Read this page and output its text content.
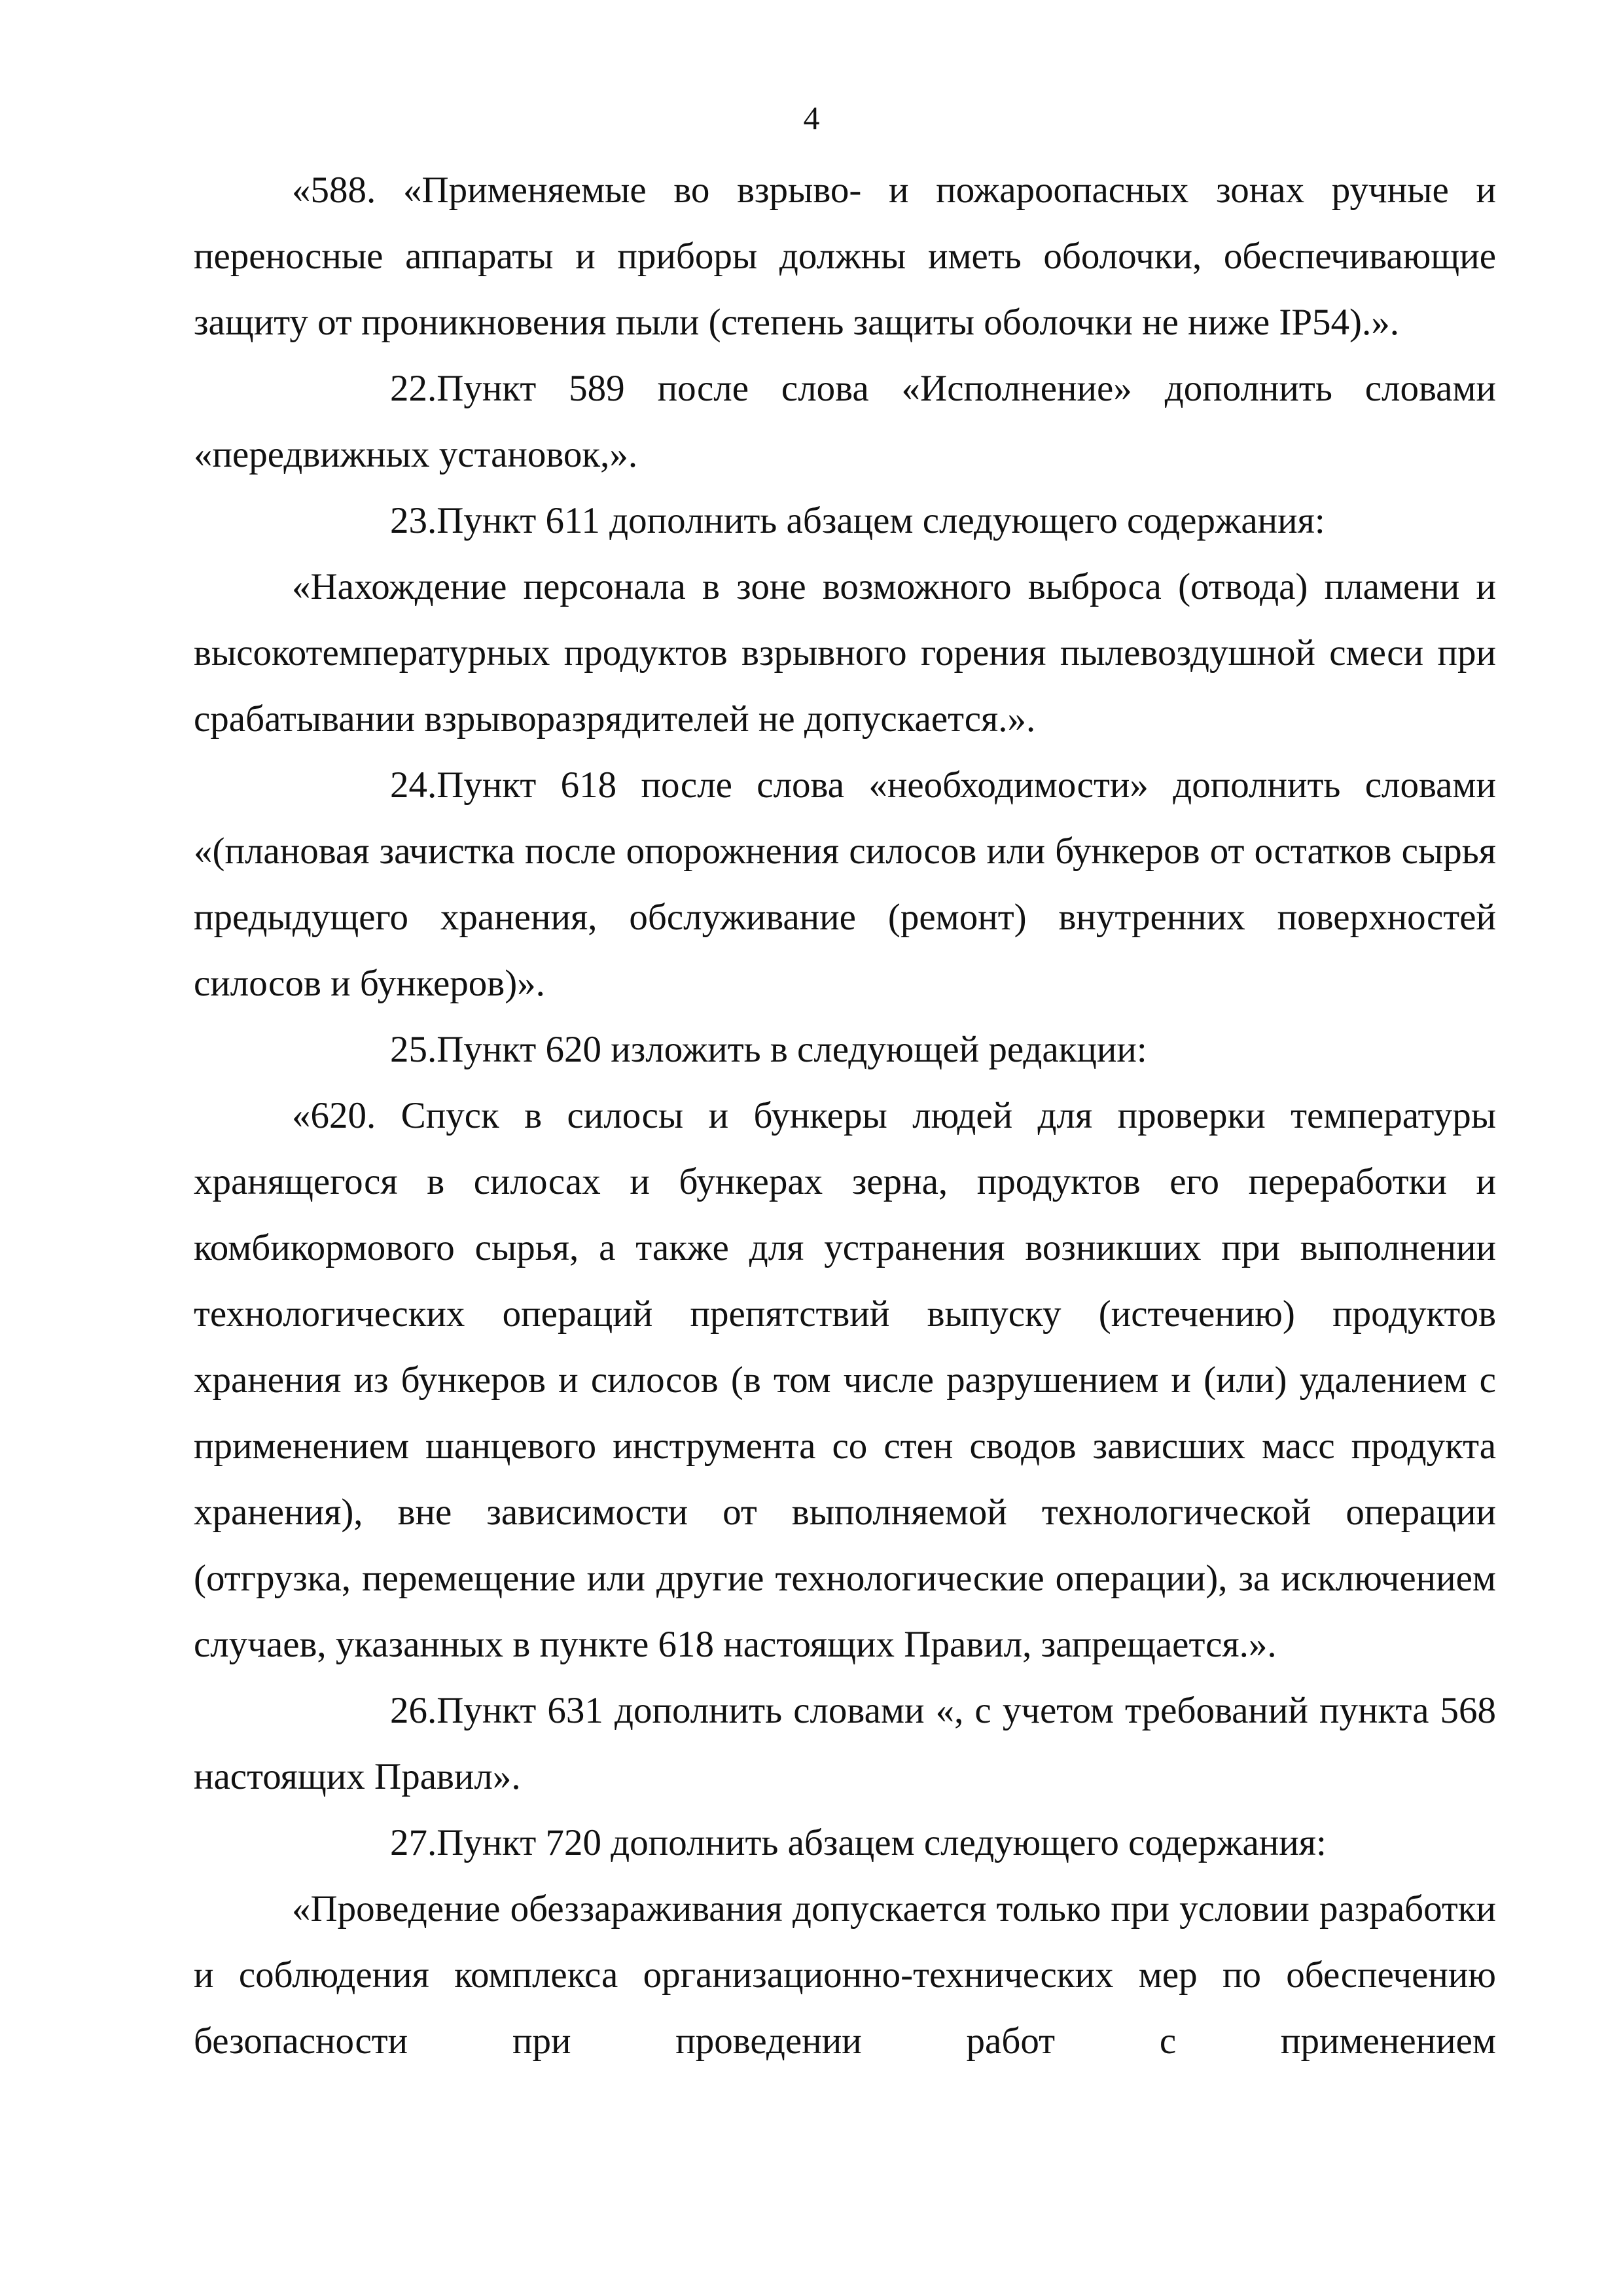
4

«588. «Применяемые во взрыво- и пожароопасных зонах ручные и переносные аппараты и приборы должны иметь оболочки, обеспечивающие защиту от проникновения пыли (степень защиты оболочки не ниже IP54).».

22.Пункт 589 после слова «Исполнение» дополнить словами «передвижных установок,».

23.Пункт 611 дополнить абзацем следующего содержания:

«Нахождение персонала в зоне возможного выброса (отвода) пламени и высокотемпературных продуктов взрывного горения пылевоздушной смеси при срабатывании взрыворазрядителей не допускается.».

24.Пункт 618 после слова «необходимости» дополнить словами «(плановая зачистка после опорожнения силосов или бункеров от остатков сырья предыдущего хранения, обслуживание (ремонт) внутренних поверхностей силосов и бункеров)».

25.Пункт 620 изложить в следующей редакции:

«620. Спуск в силосы и бункеры людей для проверки температуры хранящегося в силосах и бункерах зерна, продуктов его переработки и комбикормового сырья, а также для устранения возникших при выполнении технологических операций препятствий выпуску (истечению) продуктов хранения из бункеров и силосов (в том числе разрушением и (или) удалением с применением шанцевого инструмента со стен сводов зависших масс продукта хранения), вне зависимости от выполняемой технологической операции (отгрузка, перемещение или другие технологические операции), за исключением случаев, указанных в пункте 618 настоящих Правил, запрещается.».

26.Пункт 631 дополнить словами «, с учетом требований пункта 568 настоящих Правил».

27.Пункт 720 дополнить абзацем следующего содержания:

«Проведение обеззараживания допускается только при условии разработки и соблюдения комплекса организационно-технических мер по обеспечению безопасности при проведении работ с применением
